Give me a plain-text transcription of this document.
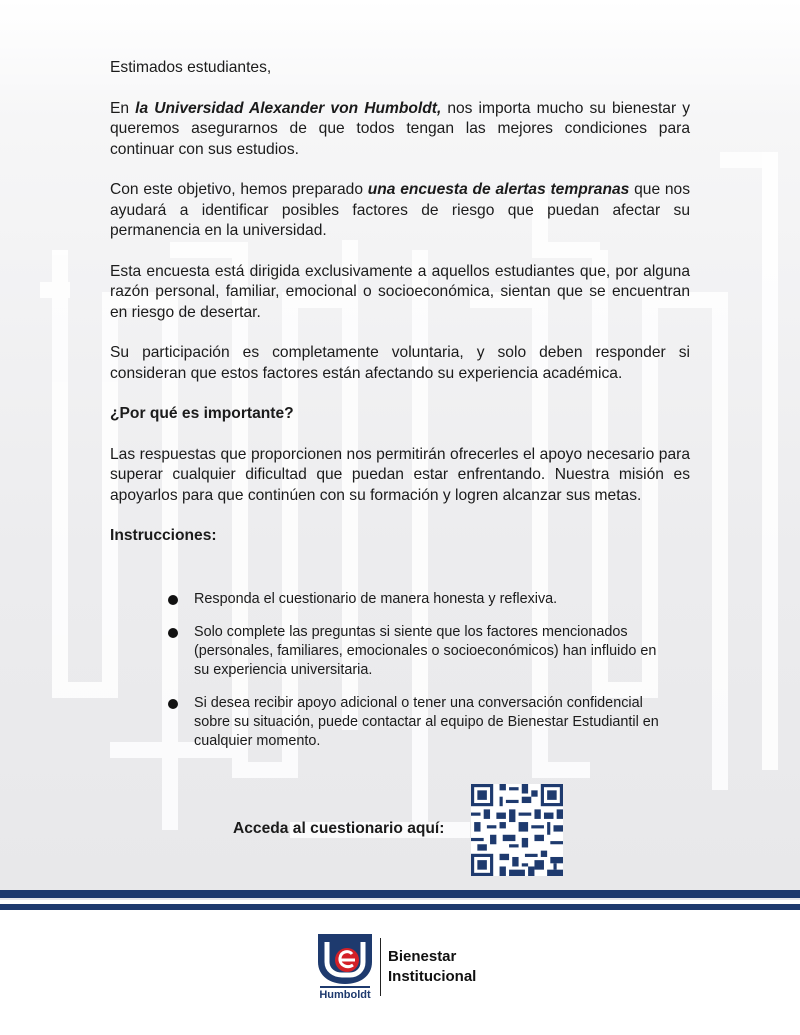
Estimados estudiantes,

En la Universidad Alexander von Humboldt, nos importa mucho su bienestar y queremos asegurarnos de que todos tengan las mejores condiciones para continuar con sus estudios.

Con este objetivo, hemos preparado una encuesta de alertas tempranas que nos ayudará a identificar posibles factores de riesgo que puedan afectar su permanencia en la universidad.

Esta encuesta está dirigida exclusivamente a aquellos estudiantes que, por alguna razón personal, familiar, emocional o socioeconómica, sientan que se encuentran en riesgo de desertar.

Su participación es completamente voluntaria, y solo deben responder si consideran que estos factores están afectando su experiencia académica.

¿Por qué es importante?

Las respuestas que proporcionen nos permitirán ofrecerles el apoyo necesario para superar cualquier dificultad que puedan estar enfrentando. Nuestra misión es apoyarlos para que continúen con su formación y logren alcanzar sus metas.

Instrucciones:

Responda el cuestionario de manera honesta y reflexiva.
Solo complete las preguntas si siente que los factores mencionados (personales, familiares, emocionales o socioeconómicos) han influido en su experiencia universitaria.
Si desea recibir apoyo adicional o tener una conversación confidencial sobre su situación, puede contactar al equipo de Bienestar Estudiantil en cualquier momento.
Acceda al cuestionario aquí:
Humboldt
Bienestar
Institucional
